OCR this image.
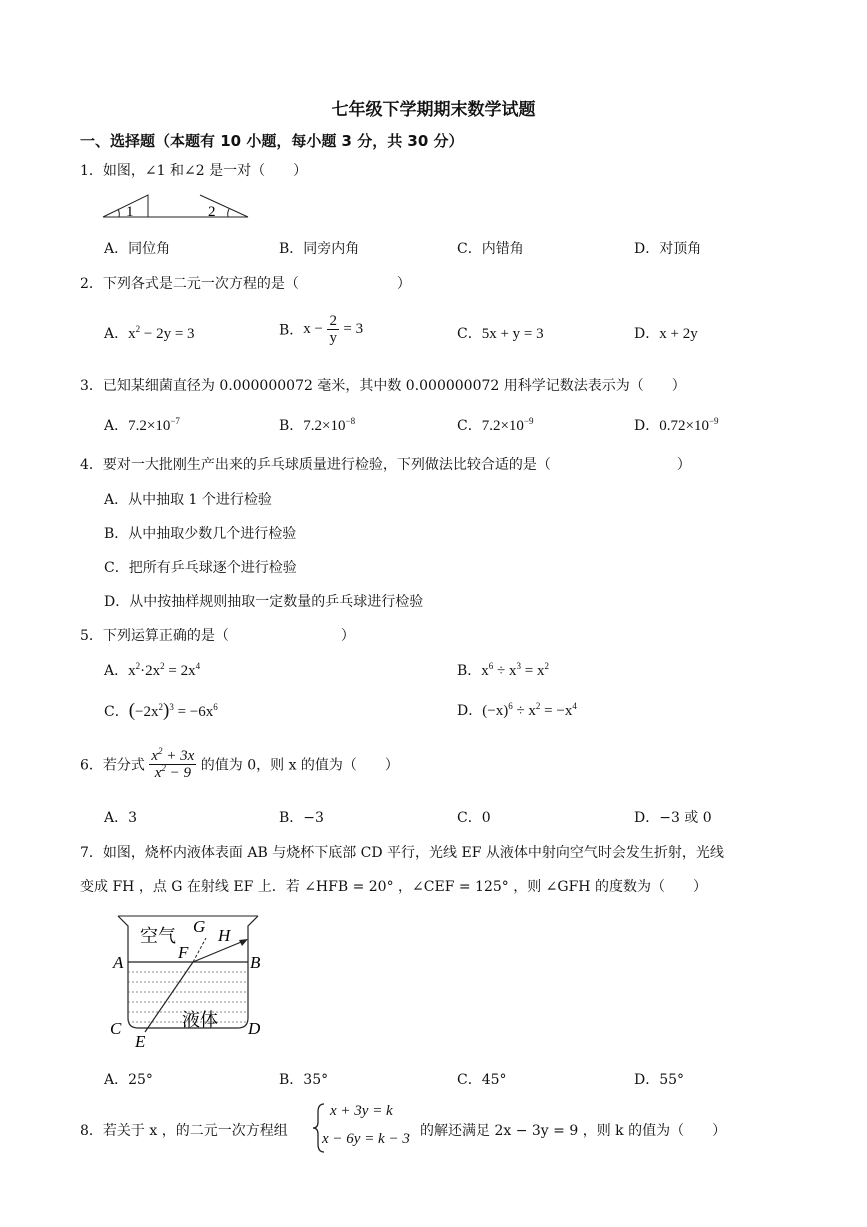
七年级下学期期末数学试题
一、选择题（本题有 10 小题，每小题 3 分，共 30 分）
1．如图，∠1 和∠2 是一对（　　）
1	2
A．同位角	B．同旁内角	C．内错角	D．对顶角
2．下列各式是二元一次方程的是（　　　　　　　）
A．$x^2 - 2y = 3$	B．$x - \frac{2}{y} = 3$	C．5x + y = 3	D．x + 2y
3．已知某细菌直径为 0.000000072 毫米，其中数 0.000000072 用科学记数法表示为（　　）
A．$7.2\times 10^{-7}$	B．$7.2\times 10^{-8}$	C．$7.2\times 10^{-9}$	D．$0.72\times 10^{-9}$
4．要对一大批刚生产出来的乒乓球质量进行检验，下列做法比较合适的是（　　　　　　　　　）
A．从中抽取 1 个进行检验
B．从中抽取少数几个进行检验
C．把所有乒乓球逐个进行检验
D．从中按抽样规则抽取一定数量的乒乓球进行检验
5．下列运算正确的是（　　　　　　　　）
A．$x^2\cdot 2x^2 = 2x^4$	B．$x^6 \div x^3 = x^2$
C．$(-2x^2)^3 = -6x^6$	D．$(-x)^6 \div x^2 = -x^4$
6．若分式 $\frac{x^2 + 3x}{x^2 - 9}$ 的值为 0，则 x 的值为（　　）
A．3	B．−3	C．0	D．−3 或 0
7．如图，烧杯内液体表面 AB 与烧杯下底部 CD 平行，光线 EF 从液体中射向空气时会发生折射，光线
变成 FH ，点 G 在射线 EF 上．若 ∠HFB = 20° ，∠CEF = 125° ，则 ∠GFH 的度数为（　　）
空气
液体
A	B
C	D
E
F
G H
A．25°	B．35°	C．45°	D．55°
8．若关于 x ，的二元一次方程组
x + 3y = k
x − 6y = k − 3 的解还满足 2x − 3y = 9 ，则 k 的值为（　　）
